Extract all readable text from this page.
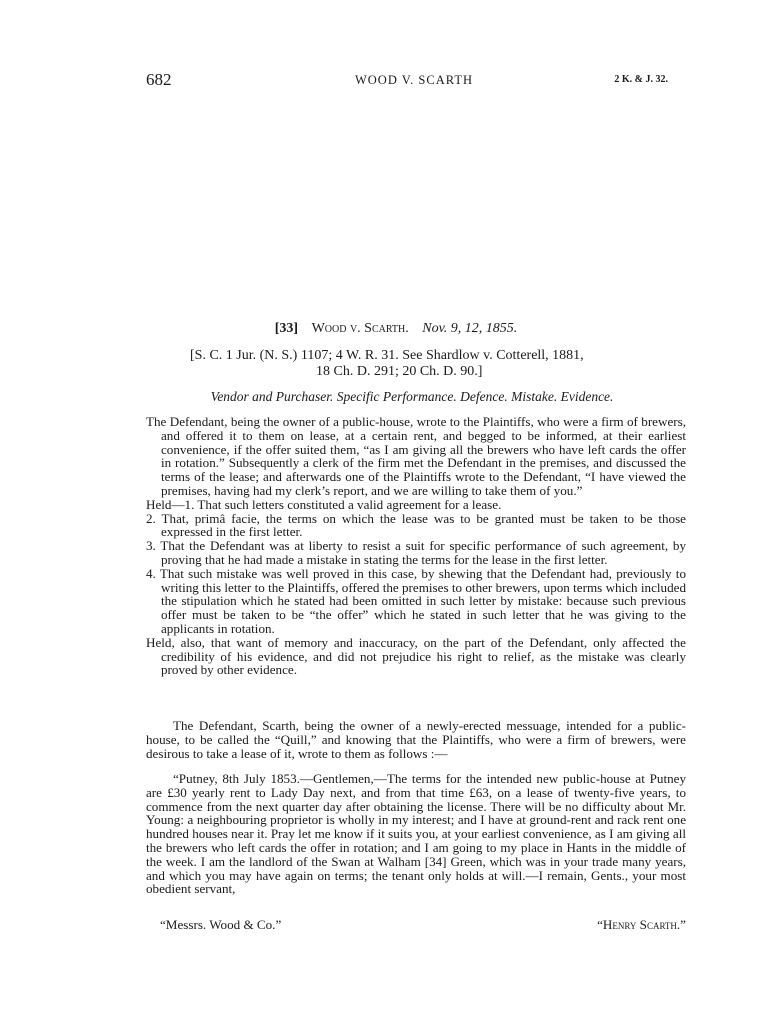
682	WOOD V. SCARTH	2 K. & J. 32.
[33] Wood v. Scarth. Nov. 9, 12, 1855.
[S. C. 1 Jur. (N. S.) 1107; 4 W. R. 31. See Shardlow v. Cotterell, 1881,
18 Ch. D. 291; 20 Ch. D. 90.]
Vendor and Purchaser. Specific Performance. Defence. Mistake. Evidence.

The Defendant, being the owner of a public-house, wrote to the Plaintiffs, who were a firm of brewers, and offered it to them on lease, at a certain rent, and begged to be informed, at their earliest convenience, if the offer suited them, “as I am giving all the brewers who have left cards the offer in rotation.” Subsequently a clerk of the firm met the Defendant in the premises, and discussed the terms of the lease; and afterwards one of the Plaintiffs wrote to the Defendant, “I have viewed the premises, having had my clerk’s report, and we are willing to take them of you.”

Held—1. That such letters constituted a valid agreement for a lease.

2. That, primâ facie, the terms on which the lease was to be granted must be taken to be those expressed in the first letter.

3. That the Defendant was at liberty to resist a suit for specific performance of such agreement, by proving that he had made a mistake in stating the terms for the lease in the first letter.

4. That such mistake was well proved in this case, by shewing that the Defendant had, previously to writing this letter to the Plaintiffs, offered the premises to other brewers, upon terms which included the stipulation which he stated had been omitted in such letter by mistake: because such previous offer must be taken to be “the offer” which he stated in such letter that he was giving to the applicants in rotation.

Held, also, that want of memory and inaccuracy, on the part of the Defendant, only affected the credibility of his evidence, and did not prejudice his right to relief, as the mistake was clearly proved by other evidence.

The Defendant, Scarth, being the owner of a newly-erected messuage, intended for a public-house, to be called the “Quill,” and knowing that the Plaintiffs, who were a firm of brewers, were desirous to take a lease of it, wrote to them as follows :—

“Putney, 8th July 1853.—Gentlemen,—The terms for the intended new public-house at Putney are £30 yearly rent to Lady Day next, and from that time £63, on a lease of twenty-five years, to commence from the next quarter day after obtaining the license. There will be no difficulty about Mr. Young: a neighbouring proprietor is wholly in my interest; and I have at ground-rent and rack rent one hundred houses near it. Pray let me know if it suits you, at your earliest convenience, as I am giving all the brewers who left cards the offer in rotation; and I am going to my place in Hants in the middle of the week. I am the landlord of the Swan at Walham [34] Green, which was in your trade many years, and which you may have again on terms; the tenant only holds at will.—I remain, Gents., your most obedient servant,

“Messrs. Wood & Co.”	“Henry Scarth.”
